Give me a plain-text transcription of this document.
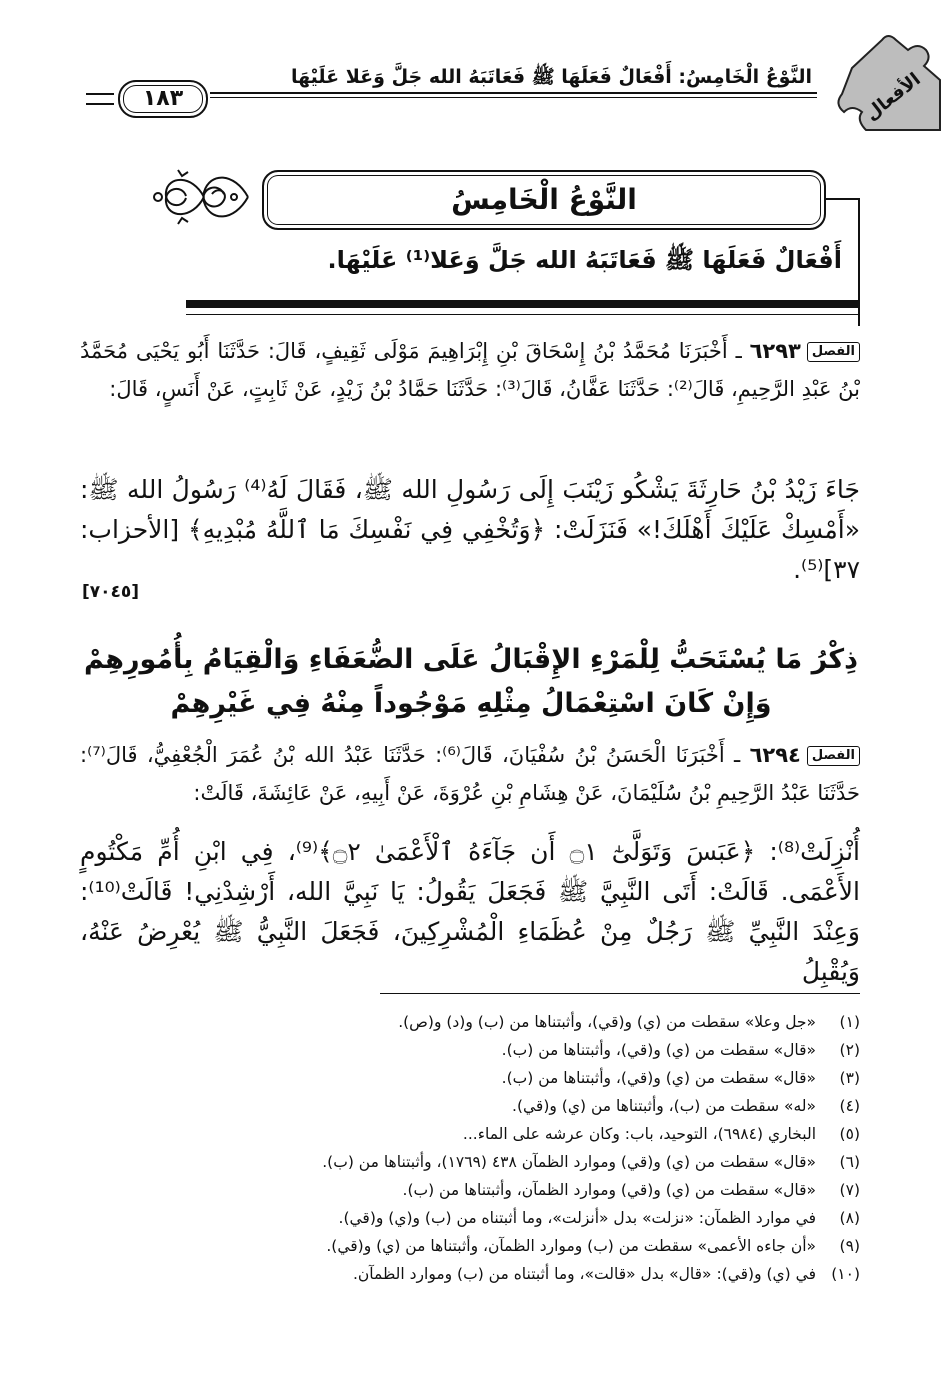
الأفعال
النَّوْعُ الْخَامِسُ: أَفْعَالٌ فَعَلَهَا ﷺ فَعَاتَبَهُ الله جَلَّ وَعَلا عَلَيْهَا
١٨٣
النَّوْعُ الْخَامِسُ
أَفْعَالٌ فَعَلَهَا ﷺ فَعَاتَبَهُ الله جَلَّ وَعَلا⁽¹⁾ عَلَيْهَا.
الفصل٦٢٩٣ ـ أَخْبَرَنَا مُحَمَّدُ بْنُ إِسْحَاقَ بْنِ إِبْرَاهِيمَ مَوْلَى ثَقِيفٍ، قَالَ: حَدَّثَنَا أَبُو يَحْيَى مُحَمَّدُ بْنُ عَبْدِ الرَّحِيمِ، قَالَ⁽²⁾: حَدَّثَنَا عَفَّانُ، قَالَ⁽³⁾: حَدَّثَنَا حَمَّادُ بْنُ زَيْدٍ، عَنْ ثَابِتٍ، عَنْ أَنَسٍ، قَالَ:
جَاءَ زَيْدُ بْنُ حَارِثَةَ يَشْكُو زَيْنَبَ إِلَى رَسُولِ الله ﷺ، فَقَالَ لَهُ⁽⁴⁾ رَسُولُ الله ﷺ: «أَمْسِكْ عَلَيْكَ أَهْلَكَ!» فَنَزَلَتْ: ﴿وَتُخْفِي فِي نَفْسِكَ مَا ٱللَّهُ مُبْدِيهِ﴾ [الأحزاب: ٣٧]⁽⁵⁾.
[٧٠٤٥]
ذِكْرُ مَا يُسْتَحَبُّ لِلْمَرْءِ الإِقْبَالُ عَلَى الضُّعَفَاءِ وَالْقِيَامُ بِأُمُورِهِمْ وَإِنْ كَانَ اسْتِعْمَالُ مِثْلِهِ مَوْجُوداً مِنْهُ فِي غَيْرِهِمْ
الفصل٦٢٩٤ ـ أَخْبَرَنَا الْحَسَنُ بْنُ سُفْيَانَ، قَالَ⁽⁶⁾: حَدَّثَنَا عَبْدُ الله بْنُ عُمَرَ الْجُعْفِيُّ، قَالَ⁽⁷⁾: حَدَّثَنَا عَبْدُ الرَّحِيمِ بْنُ سُلَيْمَانَ، عَنْ هِشَامِ بْنِ عُرْوَةَ، عَنْ أَبِيهِ، عَنْ عَائِشَةَ، قَالَتْ:
أُنْزِلَتْ⁽⁸⁾: ﴿عَبَسَ وَتَوَلَّىٰٓ ۝١ أَن جَآءَهُ ٱلْأَعْمَىٰ ۝٢﴾⁽⁹⁾، فِي ابْنِ أُمِّ مَكْتُومٍ الأَعْمَى. قَالَتْ: أَتَى النَّبِيَّ ﷺ فَجَعَلَ يَقُولُ: يَا نَبِيَّ الله، أَرْشِدْنِي! قَالَتْ⁽¹⁰⁾: وَعِنْدَ النَّبِيِّ ﷺ رَجُلٌ مِنْ عُظَمَاءِ الْمُشْرِكِينَ، فَجَعَلَ النَّبِيُّ ﷺ يُعْرِضُ عَنْهُ، وَيُقْبِلُ
(١)
«جل وعلا» سقطت من (ي) و(قي)، وأثبتناها من (ب) و(د) و(ص).
(٢)
«قال» سقطت من (ي) و(قي)، وأثبتناها من (ب).
(٣)
«قال» سقطت من (ي) و(قي)، وأثبتناها من (ب).
(٤)
«له» سقطت من (ب)، وأثبتناها من (ي) و(قي).
(٥)
البخاري (٦٩٨٤)، التوحيد، باب: وكان عرشه على الماء...
(٦)
«قال» سقطت من (ي) و(قي) وموارد الظمآن ٤٣٨ (١٧٦٩)، وأثبتناها من (ب).
(٧)
«قال» سقطت من (ي) و(قي) وموارد الظمآن، وأثبتناها من (ب).
(٨)
في موارد الظمآن: «نزلت» بدل «أنزلت»، وما أثبتناه من (ب) و(ي) و(قي).
(٩)
«أن جاءه الأعمى» سقطت من (ب) وموارد الظمآن، وأثبتناها من (ي) و(قي).
(١٠)
في (ي) و(قي): «قال» بدل «قالت»، وما أثبتناه من (ب) وموارد الظمآن.
